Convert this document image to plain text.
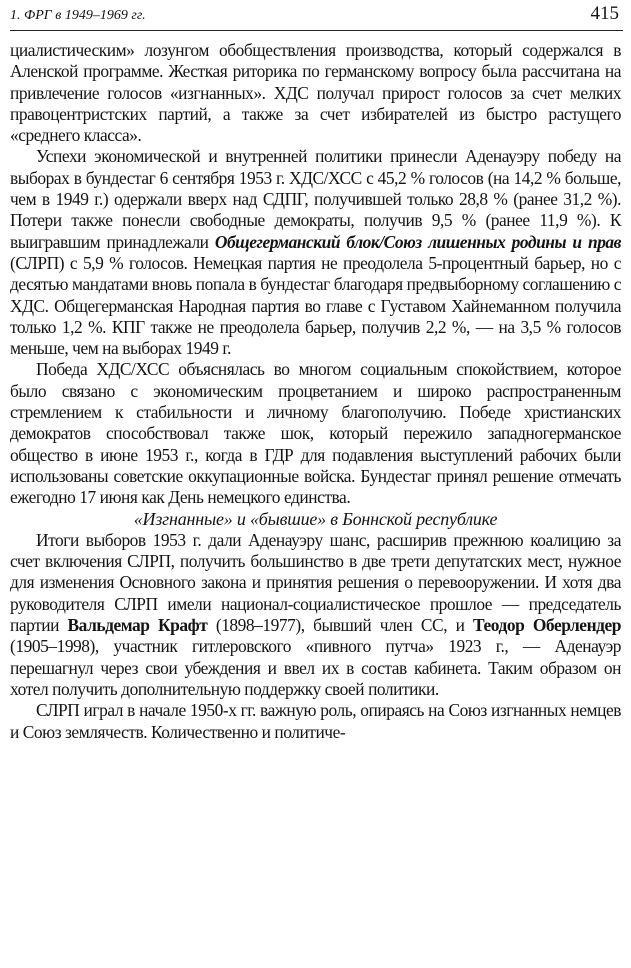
1. ФРГ в 1949–1969 гг.	415

циалистическим» лозунгом обобществления производства, который содержался в Аленской программе. Жесткая риторика по германскому вопросу была рассчитана на привлечение голосов «изгнанных». ХДС получал прирост голосов за счет мелких правоцентристских партий, а также за счет избирателей из быстро растущего «среднего класса».

Успехи экономической и внутренней политики принесли Аденауэру победу на выборах в бундестаг 6 сентября 1953 г. ХДС/ХСС с 45,2 % голосов (на 14,2 % больше, чем в 1949 г.) одержали вверх над СДПГ, получившей только 28,8 % (ранее 31,2 %). Потери также понесли свободные демократы, получив 9,5 % (ранее 11,9 %). К выигравшим принадлежали Общегерманский блок/Союз лишенных родины и прав (СЛРП) с 5,9 % голосов. Немецкая партия не преодолела 5-процентный барьер, но с десятью мандатами вновь попала в бундестаг благодаря предвыборному соглашению с ХДС. Общегерманская Народная партия во главе с Густавом Хайнеманном получила только 1,2 %. КПГ также не преодолела барьер, получив 2,2 %, — на 3,5 % голосов меньше, чем на выборах 1949 г.

Победа ХДС/ХСС объяснялась во многом социальным спокойствием, которое было связано с экономическим процветанием и широко распространенным стремлением к стабильности и личному благополучию. Победе христианских демократов способствовал также шок, который пережило западногерманское общество в июне 1953 г., когда в ГДР для подавления выступлений рабочих были использованы советские оккупационные войска. Бундестаг принял решение отмечать ежегодно 17 июня как День немецкого единства.

«Изгнанные» и «бывшие» в Боннской республике

Итоги выборов 1953 г. дали Аденауэру шанс, расширив прежнюю коалицию за счет включения СЛРП, получить большинство в две трети депутатских мест, нужное для изменения Основного закона и принятия решения о перевооружении. И хотя два руководителя СЛРП имели национал-социалистическое прошлое — председатель партии Вальдемар Крафт (1898–1977), бывший член СС, и Теодор Оберлендер (1905–1998), участник гитлеровского «пивного путча» 1923 г., — Аденауэр перешагнул через свои убеждения и ввел их в состав кабинета. Таким образом он хотел получить дополнительную поддержку своей политики.

СЛРП играл в начале 1950-х гг. важную роль, опираясь на Союз изгнанных немцев и Союз землячеств. Количественно и политиче-
